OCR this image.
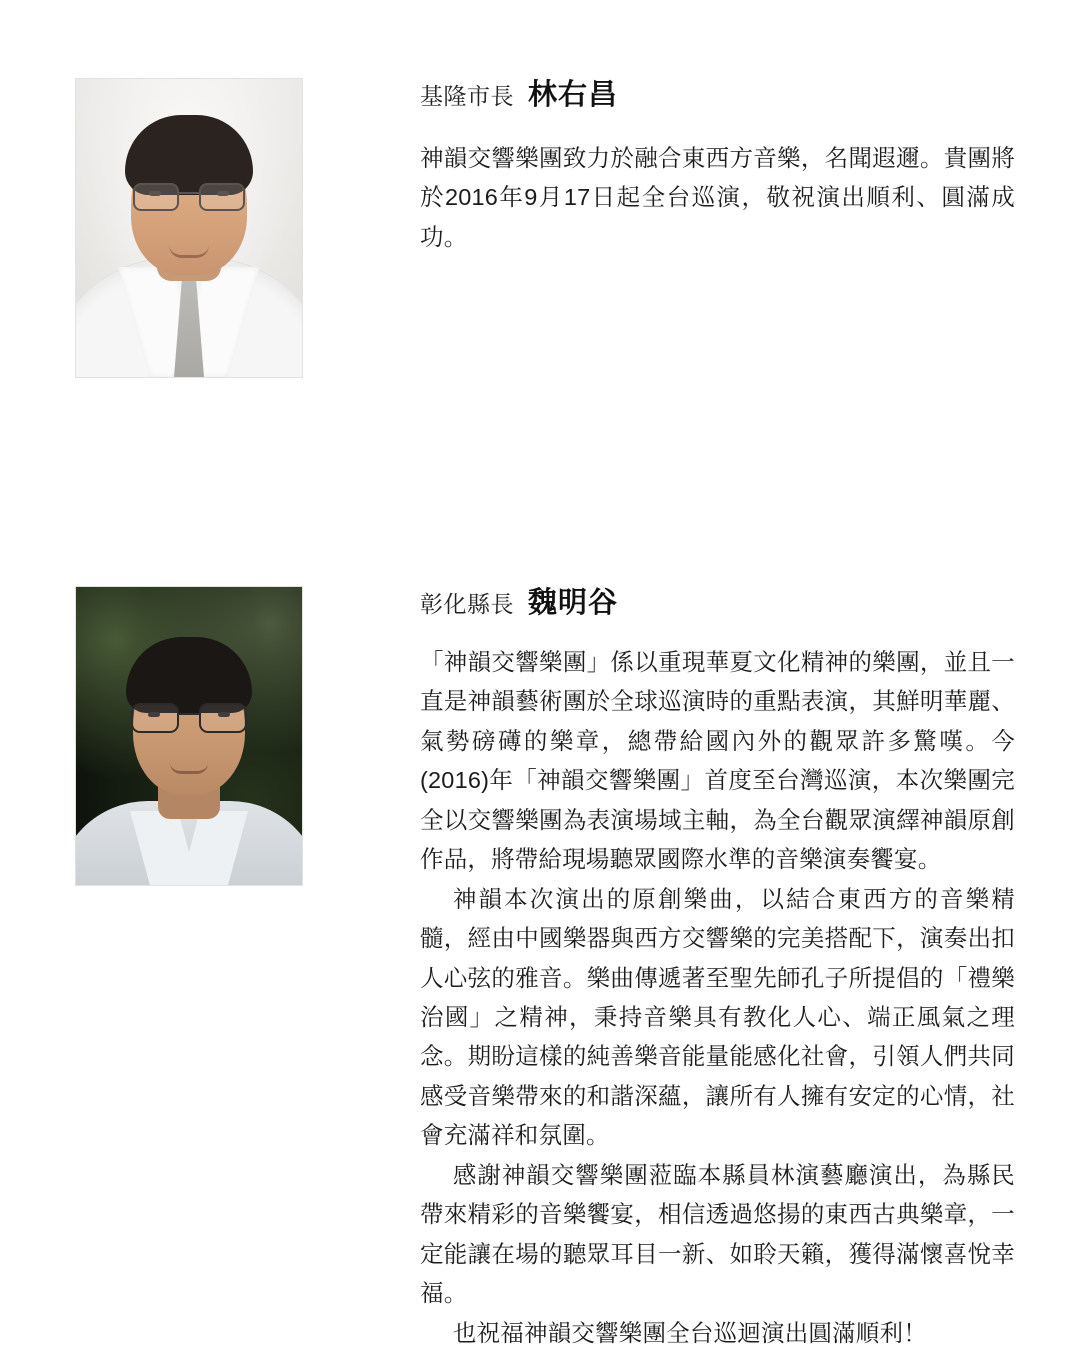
基隆市長 林右昌

神韻交響樂團致力於融合東西方音樂，名聞遐邇。貴團將於2016年9月17日起全台巡演，敬祝演出順利、圓滿成功。

彰化縣長 魏明谷

「神韻交響樂團」係以重現華夏文化精神的樂團，並且一直是神韻藝術團於全球巡演時的重點表演，其鮮明華麗、氣勢磅礡的樂章，總帶給國內外的觀眾許多驚嘆。今(2016)年「神韻交響樂團」首度至台灣巡演，本次樂團完全以交響樂團為表演場域主軸，為全台觀眾演繹神韻原創作品，將帶給現場聽眾國際水準的音樂演奏饗宴。

神韻本次演出的原創樂曲，以結合東西方的音樂精髓，經由中國樂器與西方交響樂的完美搭配下，演奏出扣人心弦的雅音。樂曲傳遞著至聖先師孔子所提倡的「禮樂治國」之精神，秉持音樂具有教化人心、端正風氣之理念。期盼這樣的純善樂音能量能感化社會，引領人們共同感受音樂帶來的和諧深蘊，讓所有人擁有安定的心情，社會充滿祥和氛圍。

感謝神韻交響樂團蒞臨本縣員林演藝廳演出，為縣民帶來精彩的音樂饗宴，相信透過悠揚的東西古典樂章，一定能讓在場的聽眾耳目一新、如聆天籟，獲得滿懷喜悅幸福。

也祝福神韻交響樂團全台巡迴演出圓滿順利！
